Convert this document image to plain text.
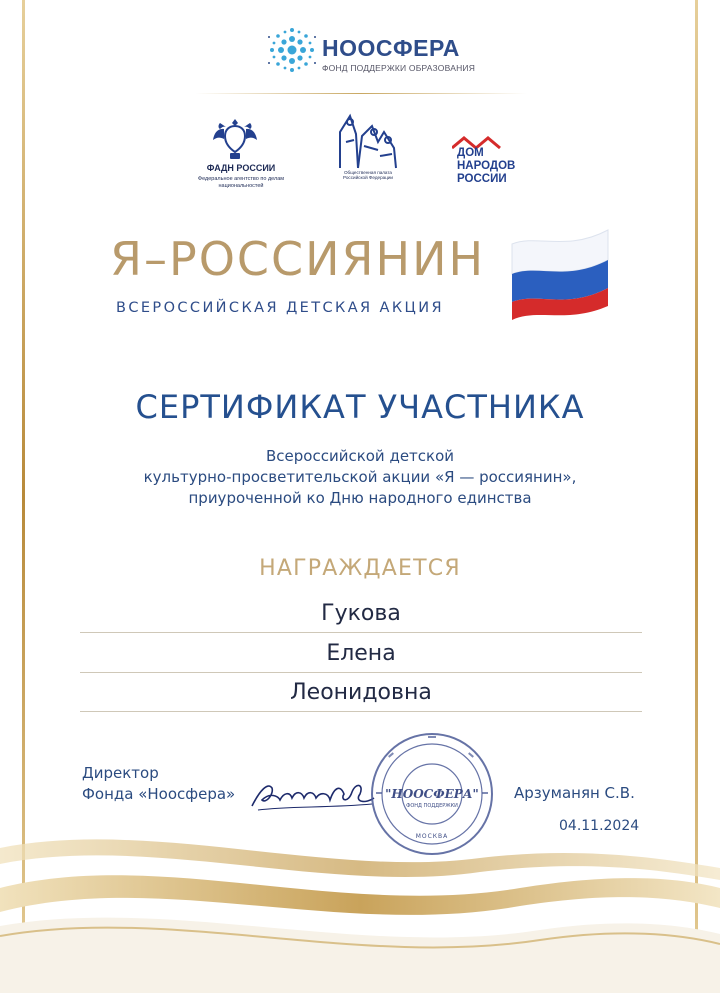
НООСФЕРА
ФОНД ПОДДЕРЖКИ ОБРАЗОВАНИЯ
ФАДН РОССИИ
Федеральное агентство по делам национальностей
Общественная палата Российской Федерации
ДОМ
НАРОДОВ
РОССИИ
Я–РОССИЯНИН
ВСЕРОССИЙСКАЯ ДЕТСКАЯ АКЦИЯ
СЕРТИФИКАТ УЧАСТНИКА
Всероссийской детской
культурно-просветительской акции «Я — россиянин»,
приуроченной ко Дню народного единства
НАГРАЖДАЕТСЯ
Гукова
Елена
Леонидовна
Директор
Фонда «Ноосфера»	"НООСФЕРА"
ФОНД ПОДДЕРЖКИ
МОСКВА
Арзуманян С.В.
04.11.2024
